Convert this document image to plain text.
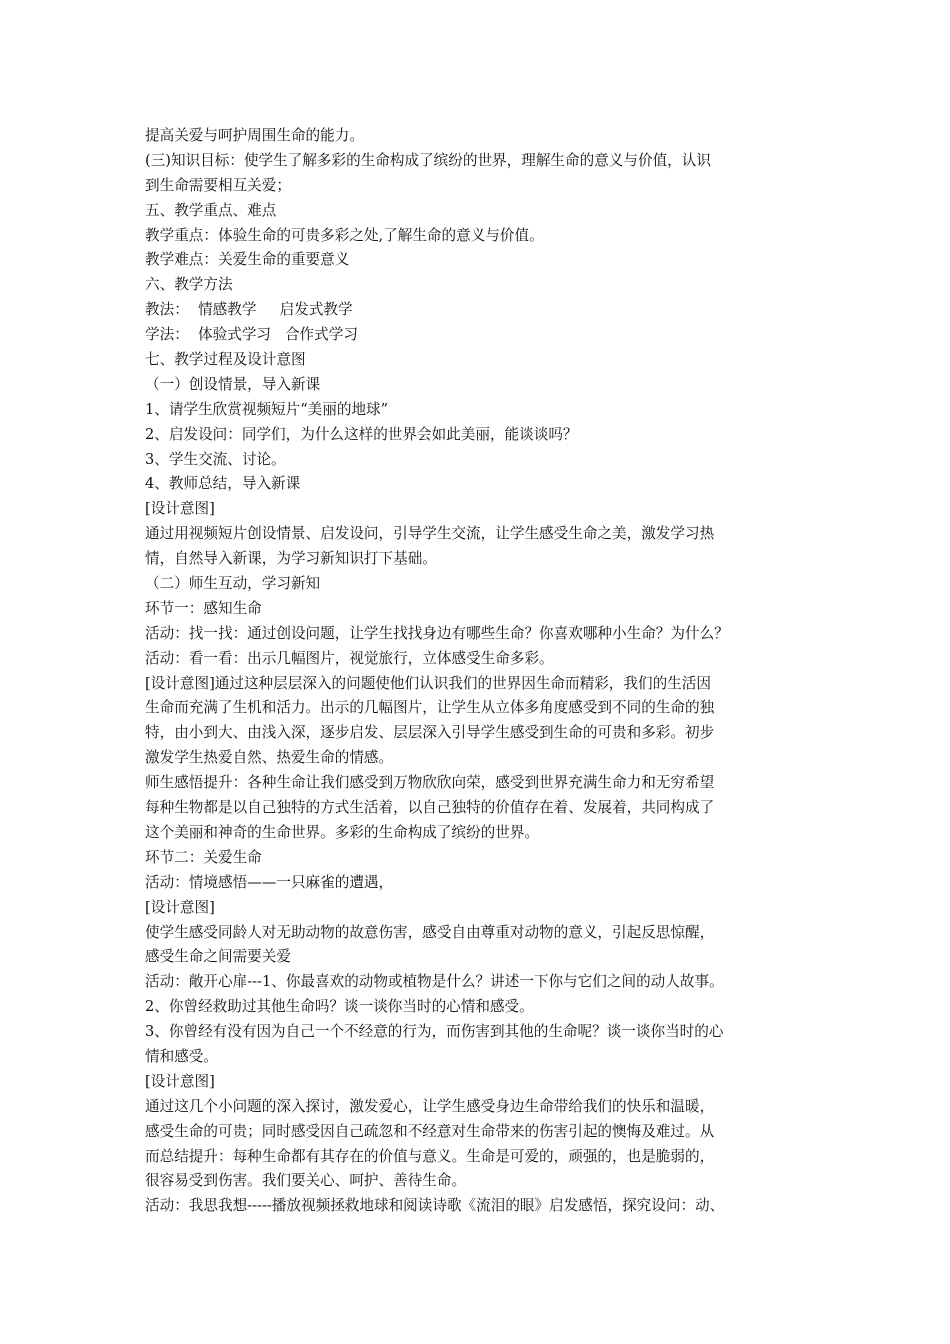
提高关爱与呵护周围生命的能力。
(三)知识目标：使学生了解多彩的生命构成了缤纷的世界，理解生命的意义与价值，认识
到生命需要相互关爱；
五、教学重点、难点
教学重点：体验生命的可贵多彩之处,了解生命的意义与价值。
教学难点：关爱生命的重要意义
六、教学方法
教法：  情感教学     启发式教学
学法：  体验式学习   合作式学习
七、教学过程及设计意图
（一）创设情景，导入新课
1、请学生欣赏视频短片“美丽的地球”
2、启发设问：同学们，为什么这样的世界会如此美丽，能谈谈吗？
3、学生交流、讨论。
4、教师总结，导入新课
[设计意图]
通过用视频短片创设情景、启发设问，引导学生交流，让学生感受生命之美，激发学习热
情，自然导入新课，为学习新知识打下基础。
（二）师生互动，学习新知
环节一：感知生命
活动：找一找：通过创设问题，让学生找找身边有哪些生命？你喜欢哪种小生命？为什么？
活动：看一看：出示几幅图片，视觉旅行，立体感受生命多彩。
[设计意图]通过这种层层深入的问题使他们认识我们的世界因生命而精彩，我们的生活因
生命而充满了生机和活力。出示的几幅图片，让学生从立体多角度感受到不同的生命的独
特，由小到大、由浅入深，逐步启发、层层深入引导学生感受到生命的可贵和多彩。初步
激发学生热爱自然、热爱生命的情感。
师生感悟提升：各种生命让我们感受到万物欣欣向荣，感受到世界充满生命力和无穷希望
每种生物都是以自己独特的方式生活着，以自己独特的价值存在着、发展着，共同构成了
这个美丽和神奇的生命世界。多彩的生命构成了缤纷的世界。
环节二：关爱生命
活动：情境感悟——一只麻雀的遭遇，
[设计意图]
使学生感受同龄人对无助动物的故意伤害，感受自由尊重对动物的意义，引起反思惊醒，
感受生命之间需要关爱
活动：敞开心扉---1、你最喜欢的动物或植物是什么？讲述一下你与它们之间的动人故事。
2、你曾经救助过其他生命吗？谈一谈你当时的心情和感受。
3、你曾经有没有因为自己一个不经意的行为，而伤害到其他的生命呢？谈一谈你当时的心
情和感受。
[设计意图]
通过这几个小问题的深入探讨，激发爱心，让学生感受身边生命带给我们的快乐和温暖，
感受生命的可贵；同时感受因自己疏忽和不经意对生命带来的伤害引起的懊悔及难过。从
而总结提升：每种生命都有其存在的价值与意义。生命是可爱的，顽强的，也是脆弱的，
很容易受到伤害。我们要关心、呵护、善待生命。
活动：我思我想-----播放视频拯救地球和阅读诗歌《流泪的眼》启发感悟，探究设问：动、
